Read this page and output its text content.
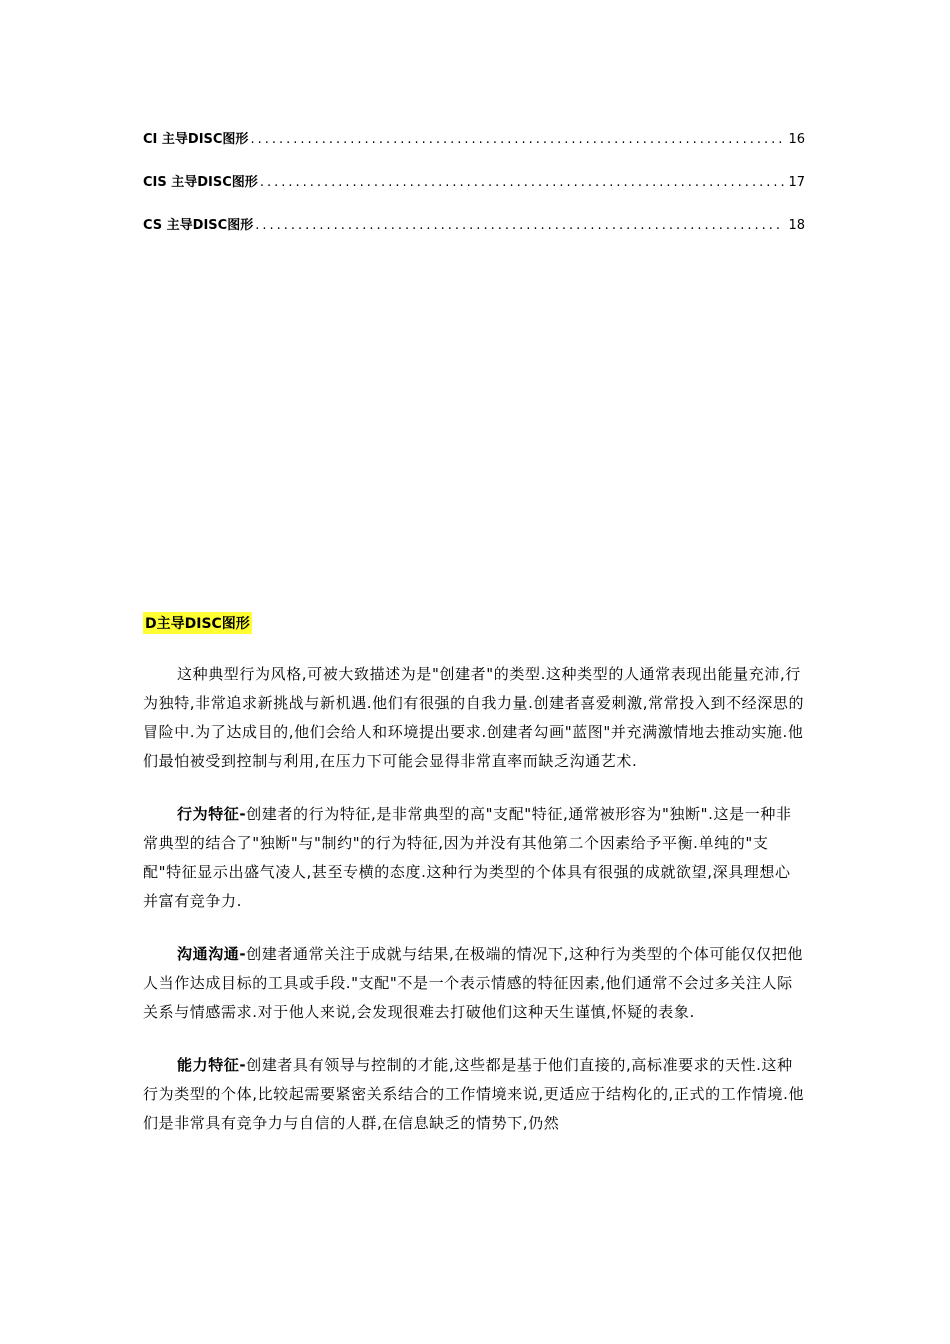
CI 主导DISC图形 .....	16
CIS 主导DISC图形 .....	17
CS 主导DISC图形 .....	18
D主导DISC图形

这种典型行为风格,可被大致描述为是"创建者"的类型.这种类型的人通常表现出能量充沛,行为独特,非常追求新挑战与新机遇.他们有很强的自我力量.创建者喜爱刺激,常常投入到不经深思的冒险中.为了达成目的,他们会给人和环境提出要求.创建者勾画"蓝图"并充满激情地去推动实施.他们最怕被受到控制与利用,在压力下可能会显得非常直率而缺乏沟通艺术.

行为特征-创建者的行为特征,是非常典型的高"支配"特征,通常被形容为"独断".这是一种非常典型的结合了"独断"与"制约"的行为特征,因为并没有其他第二个因素给予平衡.单纯的"支配"特征显示出盛气凌人,甚至专横的态度.这种行为类型的个体具有很强的成就欲望,深具理想心并富有竞争力.

沟通沟通-创建者通常关注于成就与结果,在极端的情况下,这种行为类型的个体可能仅仅把他人当作达成目标的工具或手段."支配"不是一个表示情感的特征因素,他们通常不会过多关注人际关系与情感需求.对于他人来说,会发现很难去打破他们这种天生谨慎,怀疑的表象.

能力特征-创建者具有领导与控制的才能,这些都是基于他们直接的,高标准要求的天性.这种行为类型的个体,比较起需要紧密关系结合的工作情境来说,更适应于结构化的,正式的工作情境.他们是非常具有竞争力与自信的人群,在信息缺乏的情势下,仍然
